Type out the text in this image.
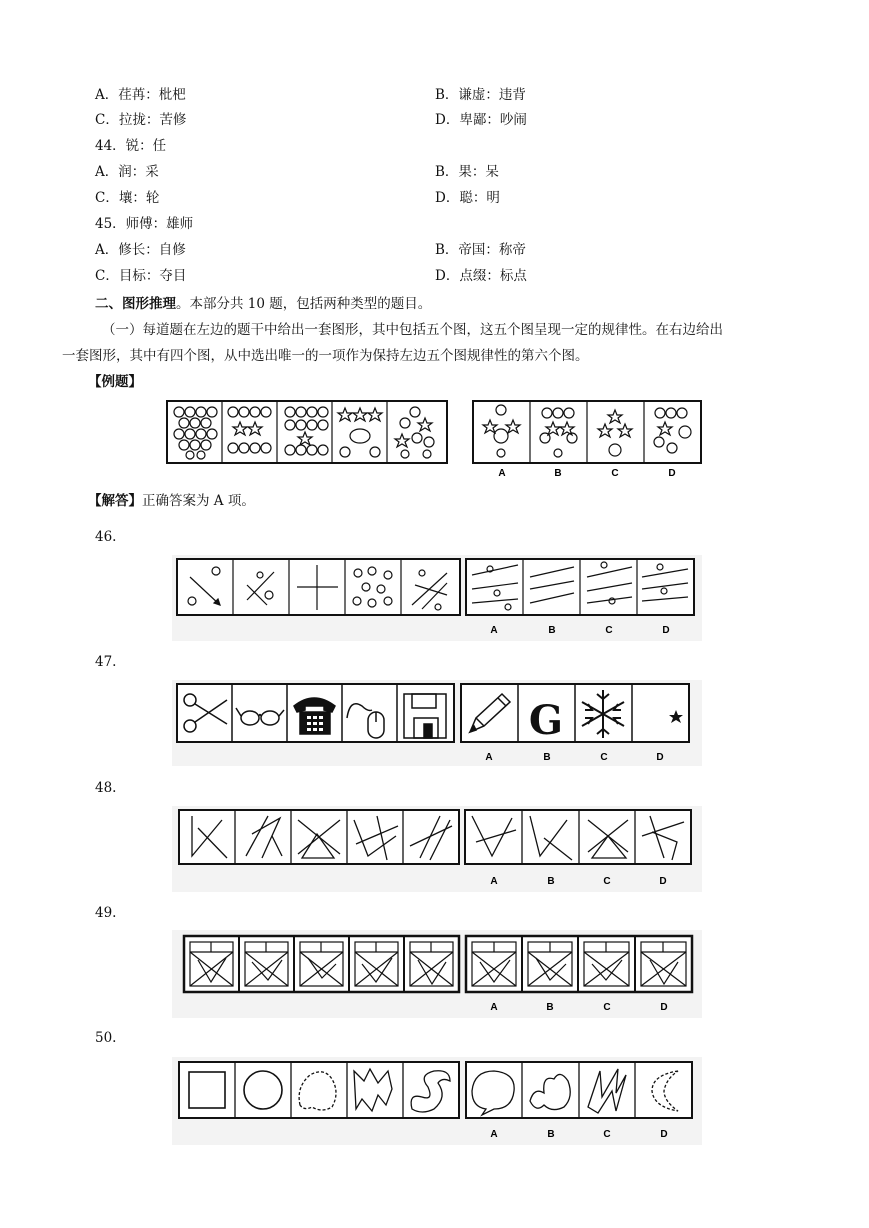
A．荏苒：枇杷	B．谦虚：违背
C．拉拢：苦修	D．卑鄙：吵闹
44．锐：任
A．润：采	B．果：呆
C．壤：轮	D．聪：明
45．师傅：雄师
A．修长：自修	B．帝国：称帝
C．目标：夺目	D．点缀：标点
二、图形推理。本部分共 10 题，包括两种类型的题目。
（一）每道题在左边的题干中给出一套图形，其中包括五个图，这五个图呈现一定的规律性。在右边给出
一套图形，其中有四个图，从中选出唯一的一项作为保持左边五个图规律性的第六个图。
【例题】
【解答】正确答案为 A 项。
46.
47.
48.
49.
50.
A	B	C	D
A	B	C	D
G
A	B	C	D
A	B	C	D
A	B	C	D
A	B	C	D
